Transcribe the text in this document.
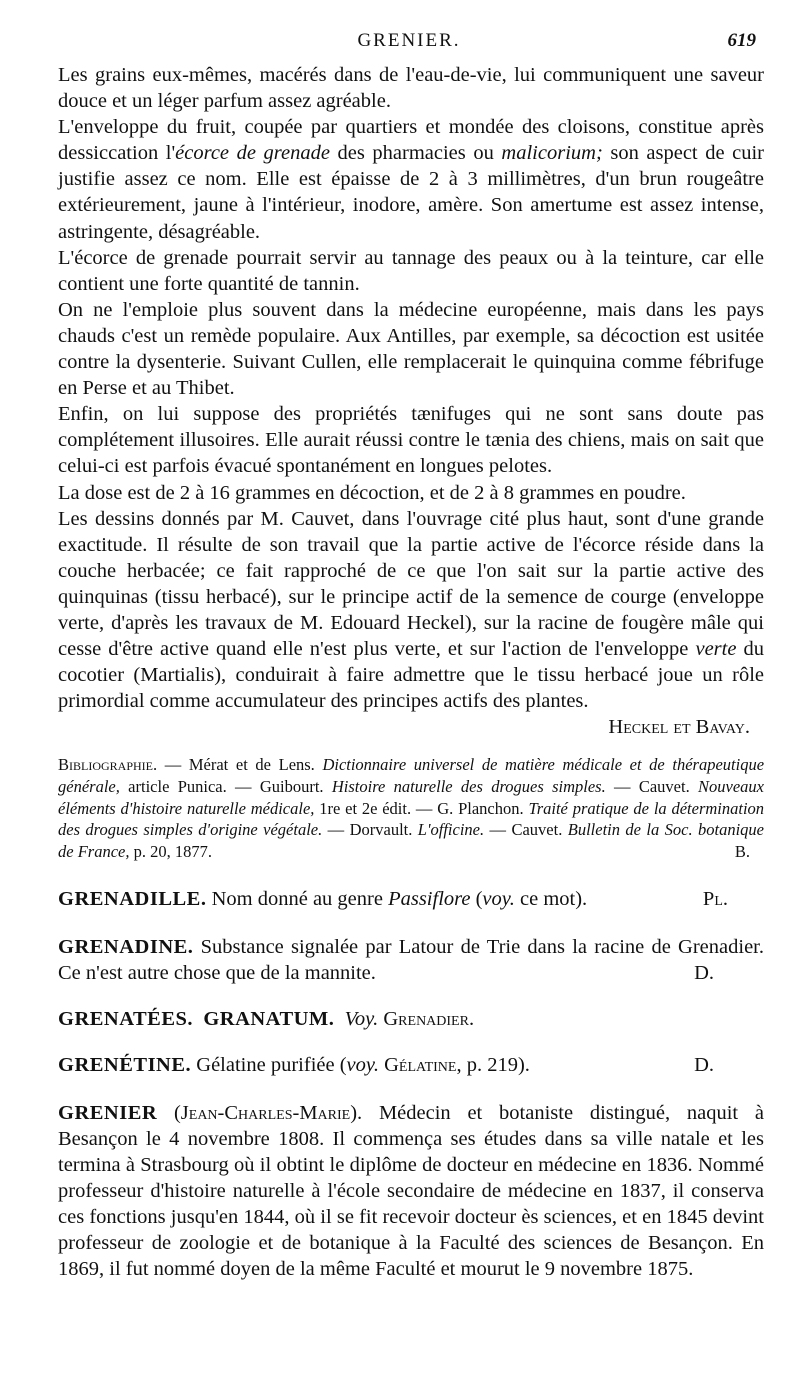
GRENIER.	619

Les grains eux-mêmes, macérés dans de l'eau-de-vie, lui communiquent une saveur douce et un léger parfum assez agréable.

L'enveloppe du fruit, coupée par quartiers et mondée des cloisons, constitue après dessiccation l'écorce de grenade des pharmacies ou malicorium; son aspect de cuir justifie assez ce nom. Elle est épaisse de 2 à 3 millimètres, d'un brun rougeâtre extérieurement, jaune à l'intérieur, inodore, amère. Son amertume est assez intense, astringente, désagréable.

L'écorce de grenade pourrait servir au tannage des peaux ou à la teinture, car elle contient une forte quantité de tannin.

On ne l'emploie plus souvent dans la médecine européenne, mais dans les pays chauds c'est un remède populaire. Aux Antilles, par exemple, sa décoction est usitée contre la dysenterie. Suivant Cullen, elle remplacerait le quinquina comme fébrifuge en Perse et au Thibet.

Enfin, on lui suppose des propriétés tænifuges qui ne sont sans doute pas complétement illusoires. Elle aurait réussi contre le tænia des chiens, mais on sait que celui-ci est parfois évacué spontanément en longues pelotes.

La dose est de 2 à 16 grammes en décoction, et de 2 à 8 grammes en poudre.

Les dessins donnés par M. Cauvet, dans l'ouvrage cité plus haut, sont d'une grande exactitude. Il résulte de son travail que la partie active de l'écorce réside dans la couche herbacée; ce fait rapproché de ce que l'on sait sur la partie active des quinquinas (tissu herbacé), sur le principe actif de la semence de courge (enveloppe verte, d'après les travaux de M. Edouard Heckel), sur la racine de fougère mâle qui cesse d'être active quand elle n'est plus verte, et sur l'action de l'enveloppe verte du cocotier (Martialis), conduirait à faire admettre que le tissu herbacé joue un rôle primordial comme accumulateur des principes actifs des plantes.

Heckel et Bavay.

Bibliographie. — Mérat et de Lens. Dictionnaire universel de matière médicale et de thérapeutique générale, article Punica. — Guibourt. Histoire naturelle des drogues simples. — Cauvet. Nouveaux éléments d'histoire naturelle médicale, 1re et 2e édit. — G. Planchon. Traité pratique de la détermination des drogues simples d'origine végétale. — Dorvault. L'officine. — Cauvet. Bulletin de la Soc. botanique de France, p. 20, 1877.	B.

GRENADILLE. Nom donné au genre Passiflore (voy. ce mot).	Pl.
GRENADINE. Substance signalée par Latour de Trie dans la racine de Grenadier. Ce n'est autre chose que de la mannite.	D.
GRENATÉES. GRANATUM. Voy. Grenadier.
GRENÉTINE. Gélatine purifiée (voy. Gélatine, p. 219).	D.
GRENIER (Jean-Charles-Marie). Médecin et botaniste distingué, naquit à Besançon le 4 novembre 1808. Il commença ses études dans sa ville natale et les termina à Strasbourg où il obtint le diplôme de docteur en médecine en 1836. Nommé professeur d'histoire naturelle à l'école secondaire de médecine en 1837, il conserva ces fonctions jusqu'en 1844, où il se fit recevoir docteur ès sciences, et en 1845 devint professeur de zoologie et de botanique à la Faculté des sciences de Besançon. En 1869, il fut nommé doyen de la même Faculté et mourut le 9 novembre 1875.
